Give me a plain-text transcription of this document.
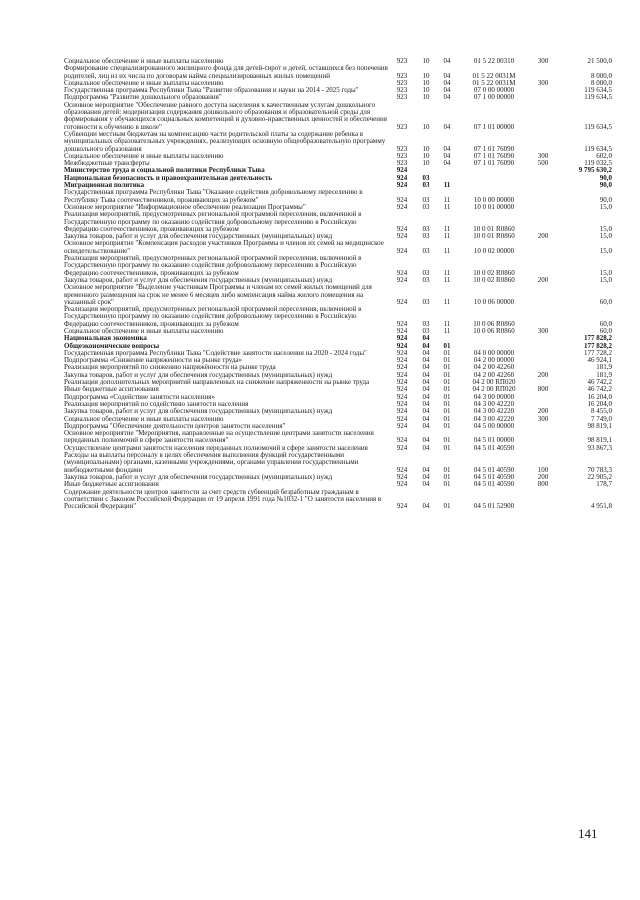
Социальное обеспечение и иные выплаты населению	923	10	04	01 5 22 00310	300	21 500,0
Формирование специализированного жилищного фонда для детей-сирот и детей, оставшихся без попечения родителей, лиц из их числа по договорам найма специализированных жилых помещений	923	10	04	01 5 22 0031М		8 000,0
Социальное обеспечение и иные выплаты населению	923	10	04	01 5 22 0031М	300	8 000,0
Государственная программа Республики Тыва "Развитие образования и науки на 2014 - 2025 годы"	923	10	04	07 0 00 00000		119 634,5
Подпрограмма "Развитие дошкольного образования"	923	10	04	07 1 00 00000		119 634,5
Основное мероприятие "Обеспечение равного доступа населения к качественным услугам дошкольного образования детей: модернизация содержания дошкольного образования и образовательной среды для формирования у обучающихся социальных компетенций и духовно-нравственных ценностей и обеспечения готовности к обучению в школе"	923	10	04	07 1 01 00000		119 634,5
Субвенции местным бюджетам на компенсацию части родительской платы за содержание ребенка в муниципальных образовательных учреждениях, реализующих основную общеобразовательную программу дошкольного образования	923	10	04	07 1 01 76090		119 634,5
Социальное обеспечение и иные выплаты населению	923	10	04	07 1 01 76090	300	602,0
Межбюджетные трансферты	923	10	04	07 1 01 76090	500	119 032,5
Министерство труда и социальной политики Республики Тыва	924					9 795 630,2
Национальная безопасность и правоохранительная деятельность	924	03				90,0
Миграционная политика	924	03	11			90,0
Государственная программа Республики Тыва "Оказание содействия добровольному переселению в Республику Тыва соотечественников, проживающих за рубежом"	924	03	11	10 0 00 00000		90,0
Основное мероприятие "Информационное обеспечение реализации Программы"	924	03	11	10 0 01 00000		15,0
Реализация мероприятий, предусмотренных региональной программой переселения, включенной в Государственную программу по оказанию содействия добровольному переселению в Российскую Федерацию соотечественников, проживающих за рубежом	924	03	11	10 0 01 R0860		15,0
Закупка товаров, работ и услуг для обеспечения государственных (муниципальных) нужд	924	03	11	10 0 01 R0860	200	15,0
Основное мероприятие "Компенсация расходов участников Программы и членов их семей на медицинское освидетельствование"	924	03	11	10 0 02 00000		15,0
Реализация мероприятий, предусмотренных региональной программой переселения, включенной в Государственную программу по оказанию содействия добровольному переселению в Российскую Федерацию соотечественников, проживающих за рубежом	924	03	11	10 0 02 R0860		15,0
Закупка товаров, работ и услуг для обеспечения государственных (муниципальных) нужд	924	03	11	10 0 02 R0860	200	15,0
Основное мероприятие "Выделение участникам Программы и членам их семей жилых помещений для временного размещения на срок не менее 6 месяцев либо компенсация найма жилого помещения на указанный срок"	924	03	11	10 0 06 00000		60,0
Реализация мероприятий, предусмотренных региональной программой переселения, включенной в Государственную программу по оказанию содействия добровольному переселению в Российскую Федерацию соотечественников, проживающих за рубежом	924	03	11	10 0 06 R0860		60,0
Социальное обеспечение и иные выплаты населению	924	03	11	10 0 06 R0860	300	60,0
Национальная экономика	924	04				177 828,2
Общеэкономические вопросы	924	04	01			177 828,2
Государственная программа Республики Тыва "Содействие занятости населения на 2020 - 2024 годы"	924	04	01	04 0 00 00000		177 728,2
Подпрограмма «Снижение напряженности на рынке труда»	924	04	01	04 2 00 00000		46 924,1
Реализация мероприятий по снижению напряжённости на рынке труда	924	04	01	04 2 00 42260		181,9
Закупка товаров, работ и услуг для обеспечения государственных (муниципальных) нужд	924	04	01	04 2 00 42260	200	181,9
Реализация дополнительных мероприятий направленных на снижение напряженности на рынке труда	924	04	01	04 2 00 RП020		46 742,2
Иные бюджетные ассигнования	924	04	01	04 2 00 RП020	800	46 742,2
Подпрограмма «Содействие занятости населения»	924	04	01	04 3 00 00000		16 204,0
Реализация мероприятий по содействию занятости населения	924	04	01	04 3 00 42220		16 204,0
Закупка товаров, работ и услуг для обеспечения государственных (муниципальных) нужд	924	04	01	04 3 00 42220	200	8 455,0
Социальное обеспечение и иные выплаты населению	924	04	01	04 3 00 42220	300	7 749,0
Подпрограмма "Обеспечение деятельности центров занятости населения"	924	04	01	04 5 00 00000		98 819,1
Основное мероприятие "Мероприятия, направленные на осуществление центрами занятости населения переданных полномочий в сфере занятости населения"	924	04	01	04 5 01 00000		98 819,1
Осуществление центрами занятости населения переданных полномочий в сфере занятости населения	924	04	01	04 5 01 40590		93 867,3
Расходы на выплаты персоналу в целях обеспечения выполнения функций государственными (муниципальными) органами, казенными учреждениями, органами управления государственными внебюджетными фондами	924	04	01	04 5 01 40590	100	70 783,3
Закупка товаров, работ и услуг для обеспечения государственных (муниципальных) нужд	924	04	01	04 5 01 40590	200	22 905,2
Иные бюджетные ассигнования	924	04	01	04 5 01 40590	800	178,7
Содержание деятельности центров занятости за счет средств субвенций безработным гражданам в соответствии с Законом Российской Федерации от 19 апреля 1991 года №1032-1 "О занятости населения в Российской Федерации"	924	04	01	04 5 01 52900		4 951,8
141
